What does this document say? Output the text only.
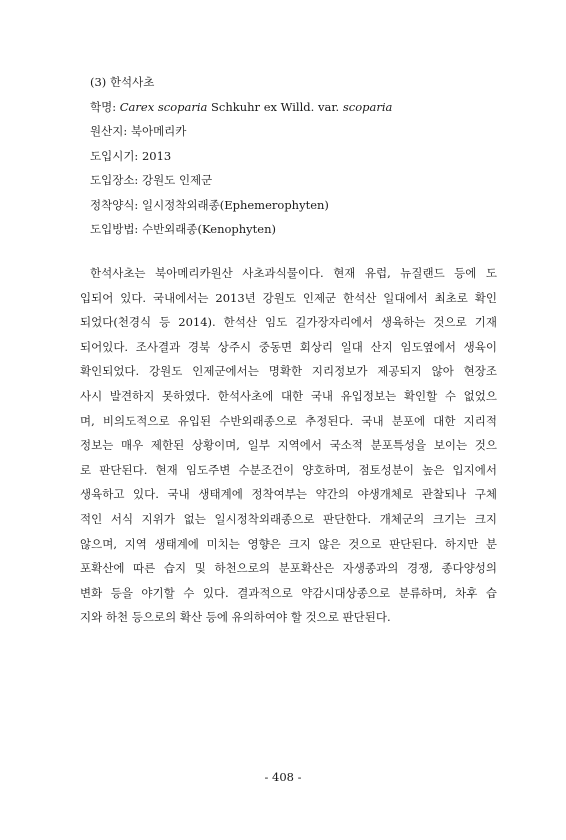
(3) 한석사초
학명: Carex scoparia Schkuhr ex Willd. var. scoparia
원산지: 북아메리카
도입시기: 2013
도입장소: 강원도 인제군
정착양식: 일시정착외래종(Ephemerophyten)
도입방법: 수반외래종(Kenophyten)
한석사초는 북아메리카원산 사초과식물이다. 현재 유럽, 뉴질랜드 등에 도
입되어 있다. 국내에서는 2013년 강원도 인제군 한석산 일대에서 최초로 확인
되었다(천경식 등 2014). 한석산 임도 길가장자리에서 생육하는 것으로 기재
되어있다. 조사결과 경북 상주시 중동면 회상리 일대 산지 임도옆에서 생육이
확인되었다. 강원도 인제군에서는 명확한 지리정보가 제공되지 않아 현장조
사시 발견하지 못하였다. 한석사초에 대한 국내 유입정보는 확인할 수 없었으
며, 비의도적으로 유입된 수반외래종으로 추정된다. 국내 분포에 대한 지리적
정보는 매우 제한된 상황이며, 일부 지역에서 국소적 분포특성을 보이는 것으
로 판단된다. 현재 임도주변 수분조건이 양호하며, 점토성분이 높은 입지에서
생육하고 있다. 국내 생태계에 정착여부는 약간의 야생개체로 관찰되나 구체
적인 서식 지위가 없는 일시정착외래종으로 판단한다. 개체군의 크기는 크지
않으며, 지역 생태계에 미치는 영향은 크지 않은 것으로 판단된다. 하지만 분
포확산에 따른 습지 및 하천으로의 분포확산은 자생종과의 경쟁, 종다양성의
변화 등을 야기할 수 있다. 결과적으로 약감시대상종으로 분류하며, 차후 습
지와 하천 등으로의 확산 등에 유의하여야 할 것으로 판단된다.
- 408 -
